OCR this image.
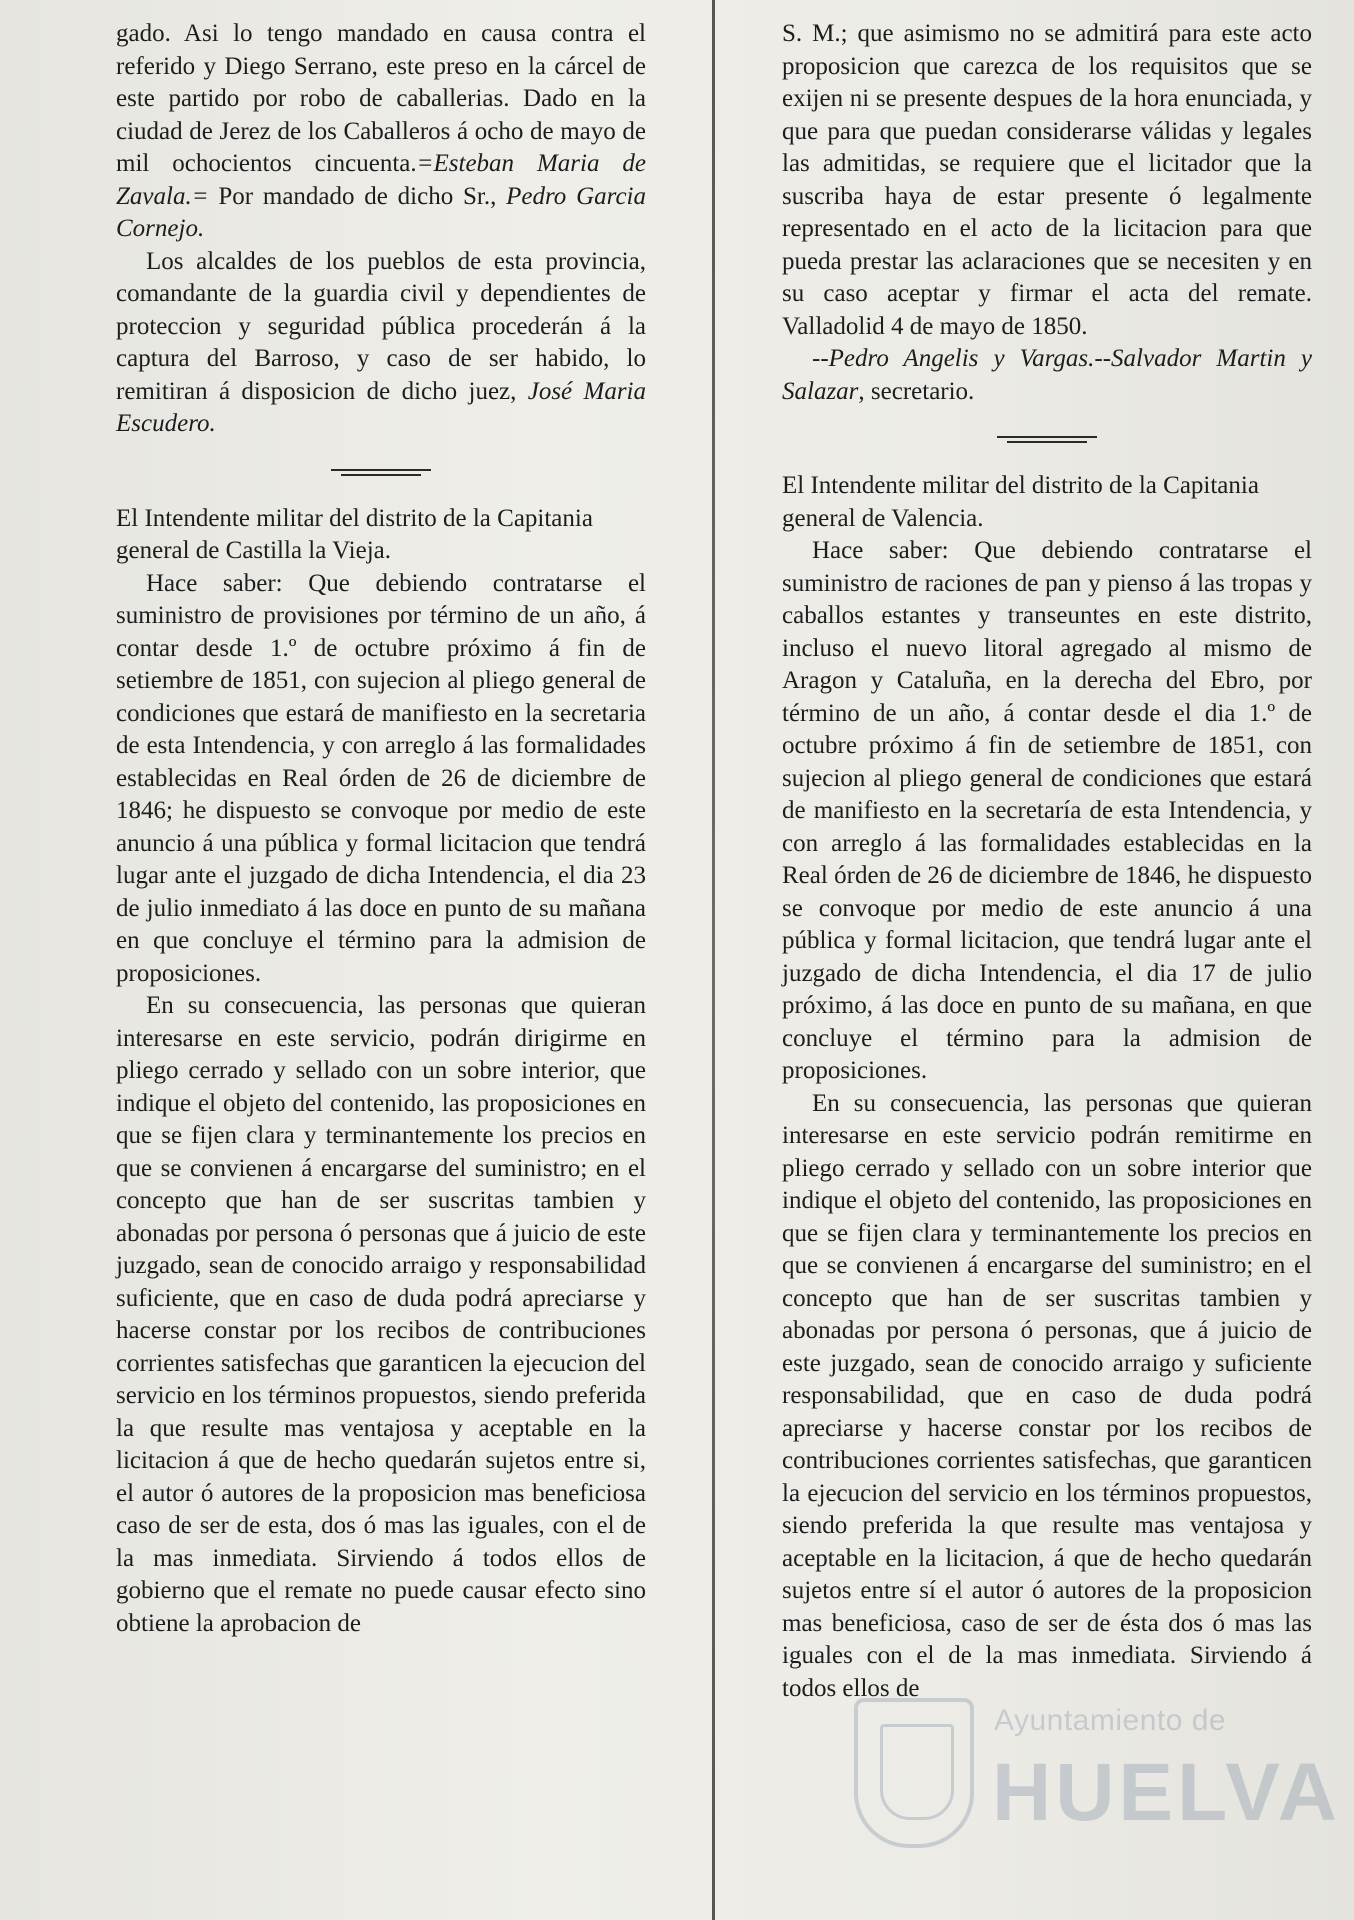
gado. Asi lo tengo mandado en causa contra el referido y Diego Serrano, este preso en la cárcel de este partido por robo de caballerias. Dado en la ciudad de Jerez de los Caballeros á ocho de mayo de mil ochocientos cincuenta.=Esteban Maria de Zavala.= Por mandado de dicho Sr., Pedro Garcia Cornejo.

Los alcaldes de los pueblos de esta provincia, comandante de la guardia civil y dependientes de proteccion y seguridad pública procederán á la captura del Barroso, y caso de ser habido, lo remitiran á disposicion de dicho juez, José Maria Escudero.

El Intendente militar del distrito de la Capitania general de Castilla la Vieja.

Hace saber: Que debiendo contratarse el suministro de provisiones por término de un año, á contar desde 1.º de octubre próximo á fin de setiembre de 1851, con sujecion al pliego general de condiciones que estará de manifiesto en la secretaria de esta Intendencia, y con arreglo á las formalidades establecidas en Real órden de 26 de diciembre de 1846; he dispuesto se convoque por medio de este anuncio á una pública y formal licitacion que tendrá lugar ante el juzgado de dicha Intendencia, el dia 23 de julio inmediato á las doce en punto de su mañana en que concluye el término para la admision de proposiciones.

En su consecuencia, las personas que quieran interesarse en este servicio, podrán dirigirme en pliego cerrado y sellado con un sobre interior, que indique el objeto del contenido, las proposiciones en que se fijen clara y terminantemente los precios en que se convienen á encargarse del suministro; en el concepto que han de ser suscritas tambien y abonadas por persona ó personas que á juicio de este juzgado, sean de conocido arraigo y responsabilidad suficiente, que en caso de duda podrá apreciarse y hacerse constar por los recibos de contribuciones corrientes satisfechas que garanticen la ejecucion del servicio en los términos propuestos, siendo preferida la que resulte mas ventajosa y aceptable en la licitacion á que de hecho quedarán sujetos entre si, el autor ó autores de la proposicion mas beneficiosa caso de ser de esta, dos ó mas las iguales, con el de la mas inmediata. Sirviendo á todos ellos de gobierno que el remate no puede causar efecto sino obtiene la aprobacion de

S. M.; que asimismo no se admitirá para este acto proposicion que carezca de los requisitos que se exijen ni se presente despues de la hora enunciada, y que para que puedan considerarse válidas y legales las admitidas, se requiere que el licitador que la suscriba haya de estar presente ó legalmente representado en el acto de la licitacion para que pueda prestar las aclaraciones que se necesiten y en su caso aceptar y firmar el acta del remate. Valladolid 4 de mayo de 1850.

--Pedro Angelis y Vargas.--Salvador Martin y Salazar, secretario.

El Intendente militar del distrito de la Capitania general de Valencia.

Hace saber: Que debiendo contratarse el suministro de raciones de pan y pienso á las tropas y caballos estantes y transeuntes en este distrito, incluso el nuevo litoral agregado al mismo de Aragon y Cataluña, en la derecha del Ebro, por término de un año, á contar desde el dia 1.º de octubre próximo á fin de setiembre de 1851, con sujecion al pliego general de condiciones que estará de manifiesto en la secretaría de esta Intendencia, y con arreglo á las formalidades establecidas en la Real órden de 26 de diciembre de 1846, he dispuesto se convoque por medio de este anuncio á una pública y formal licitacion, que tendrá lugar ante el juzgado de dicha Intendencia, el dia 17 de julio próximo, á las doce en punto de su mañana, en que concluye el término para la admision de proposiciones.

En su consecuencia, las personas que quieran interesarse en este servicio podrán remitirme en pliego cerrado y sellado con un sobre interior que indique el objeto del contenido, las proposiciones en que se fijen clara y terminantemente los precios en que se convienen á encargarse del suministro; en el concepto que han de ser suscritas tambien y abonadas por persona ó personas, que á juicio de este juzgado, sean de conocido arraigo y suficiente responsabilidad, que en caso de duda podrá apreciarse y hacerse constar por los recibos de contribuciones corrientes satisfechas, que garanticen la ejecucion del servicio en los términos propuestos, siendo preferida la que resulte mas ventajosa y aceptable en la licitacion, á que de hecho quedarán sujetos entre sí el autor ó autores de la proposicion mas beneficiosa, caso de ser de ésta dos ó mas las iguales con el de la mas inmediata. Sirviendo á todos ellos de

Ayuntamiento de
HUELVA
